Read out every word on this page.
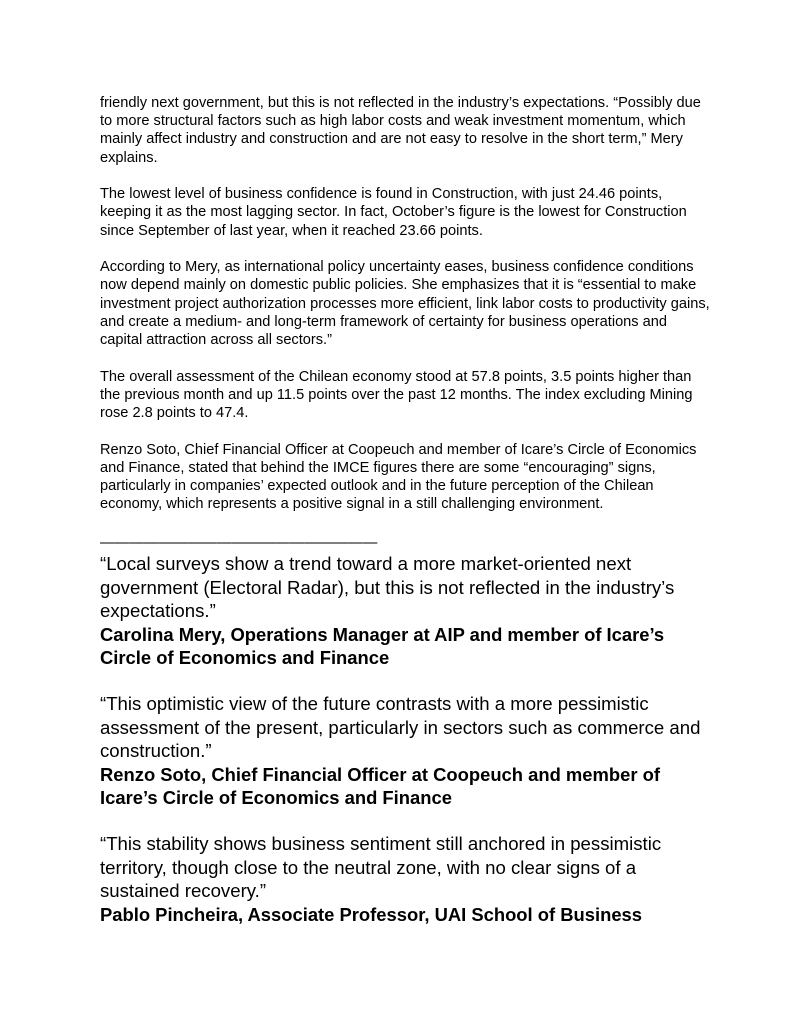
friendly next government, but this is not reflected in the industry’s expectations. “Possibly due to more structural factors such as high labor costs and weak investment momentum, which mainly affect industry and construction and are not easy to resolve in the short term,” Mery explains.

The lowest level of business confidence is found in Construction, with just 24.46 points, keeping it as the most lagging sector. In fact, October’s figure is the lowest for Construction since September of last year, when it reached 23.66 points.

According to Mery, as international policy uncertainty eases, business confidence conditions now depend mainly on domestic public policies. She emphasizes that it is “essential to make investment project authorization processes more efficient, link labor costs to productivity gains, and create a medium- and long-term framework of certainty for business operations and capital attraction across all sectors.”

The overall assessment of the Chilean economy stood at 57.8 points, 3.5 points higher than the previous month and up 11.5 points over the past 12 months. The index excluding Mining rose 2.8 points to 47.4.

Renzo Soto, Chief Financial Officer at Coopeuch and member of Icare’s Circle of Economics and Finance, stated that behind the IMCE figures there are some “encouraging” signs, particularly in companies’ expected outlook and in the future perception of the Chilean economy, which represents a positive signal in a still challenging environment.

———————————————————

“Local surveys show a trend toward a more market-oriented next government (Electoral Radar), but this is not reflected in the industry’s expectations.”

Carolina Mery, Operations Manager at AIP and member of Icare’s Circle of Economics and Finance

“This optimistic view of the future contrasts with a more pessimistic assessment of the present, particularly in sectors such as commerce and construction.”

Renzo Soto, Chief Financial Officer at Coopeuch and member of Icare’s Circle of Economics and Finance

“This stability shows business sentiment still anchored in pessimistic territory, though close to the neutral zone, with no clear signs of a sustained recovery.”

Pablo Pincheira, Associate Professor, UAI School of Business
